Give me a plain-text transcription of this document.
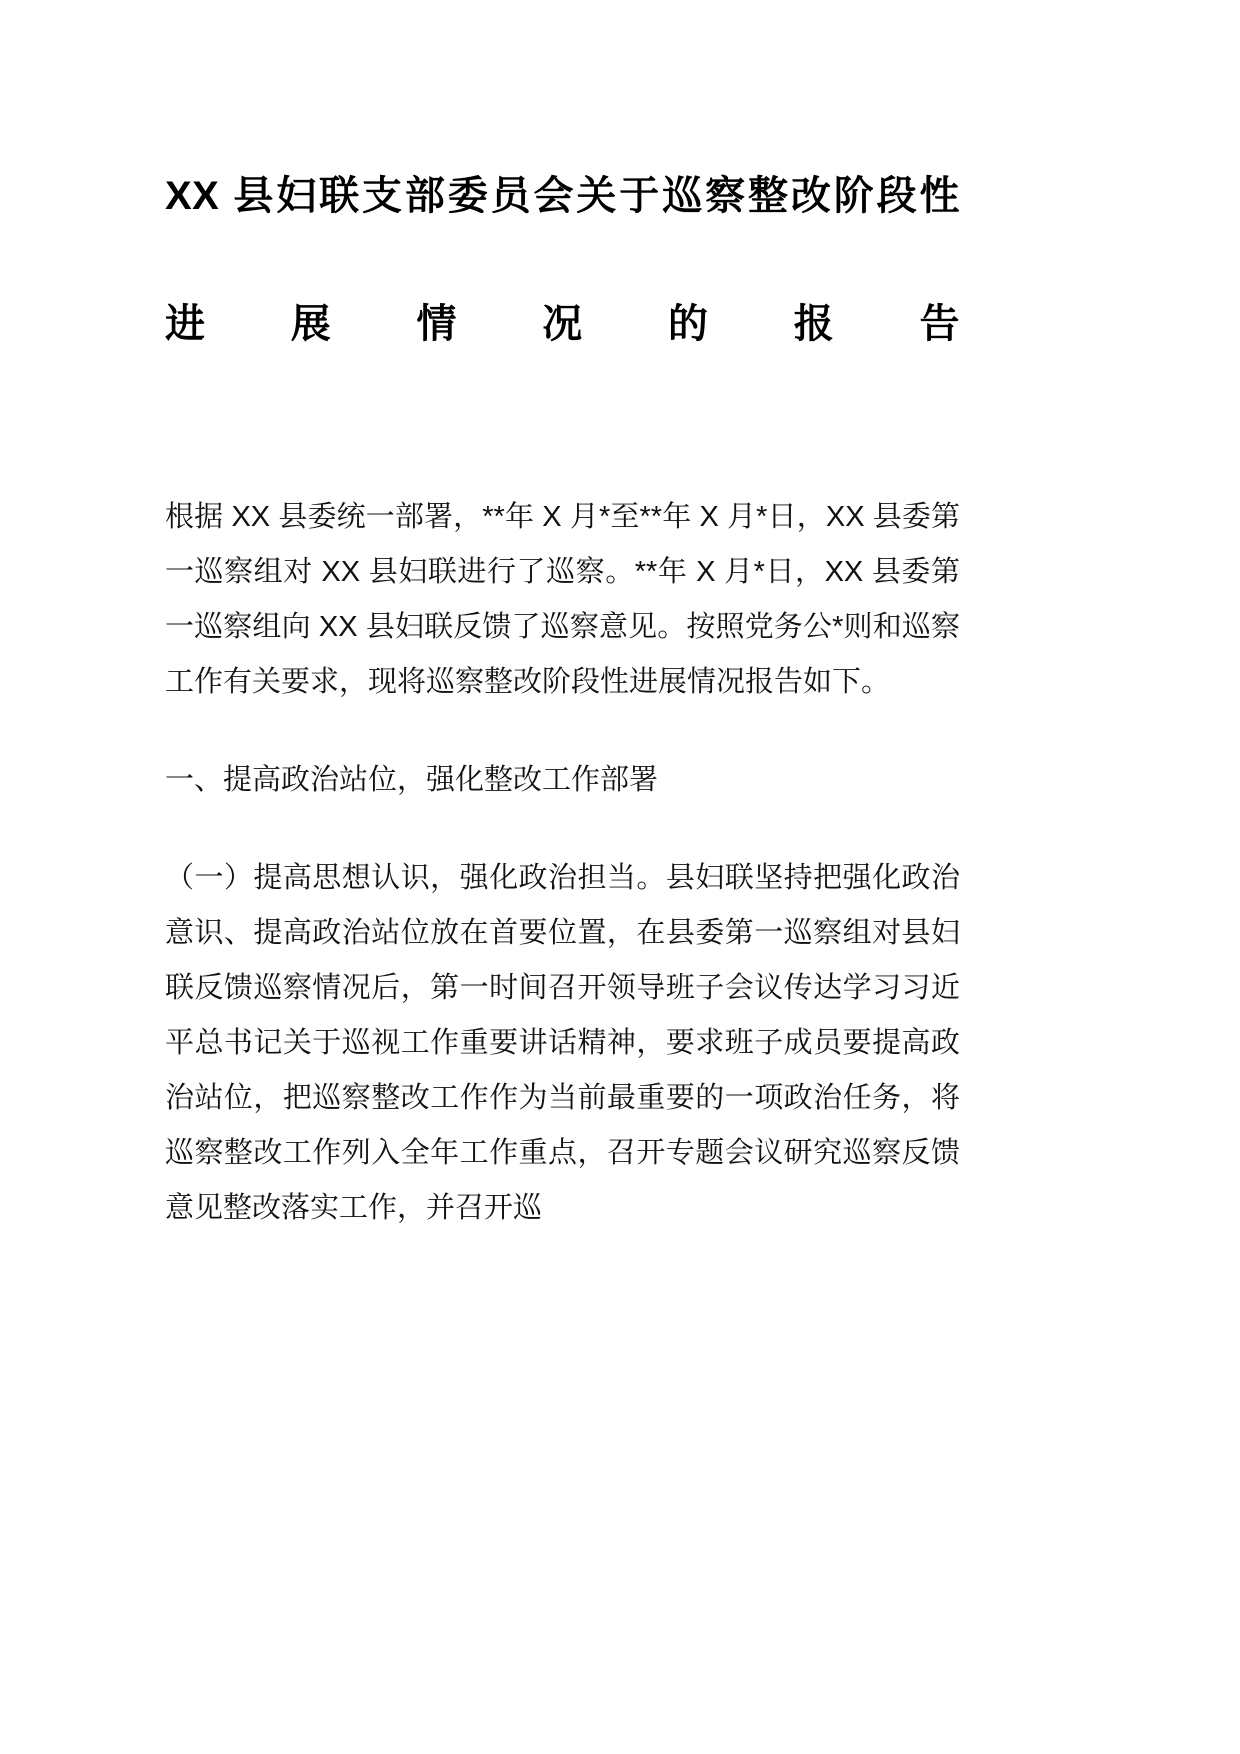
XX 县妇联支部委员会关于巡察整改阶段性
进展情况的报告

根据 XX 县委统一部署，**年 X 月*至**年 X 月*日，XX 县委第一巡察组对 XX 县妇联进行了巡察。**年 X 月*日，XX 县委第一巡察组向 XX 县妇联反馈了巡察意见。按照党务公*则和巡察工作有关要求，现将巡察整改阶段性进展情况报告如下。

一、提高政治站位，强化整改工作部署

（一）提高思想认识，强化政治担当。县妇联坚持把强化政治意识、提高政治站位放在首要位置，在县委第一巡察组对县妇联反馈巡察情况后，第一时间召开领导班子会议传达学习习近平总书记关于巡视工作重要讲话精神，要求班子成员要提高政治站位，把巡察整改工作作为当前最重要的一项政治任务，将巡察整改工作列入全年工作重点，召开专题会议研究巡察反馈意见整改落实工作，并召开巡
